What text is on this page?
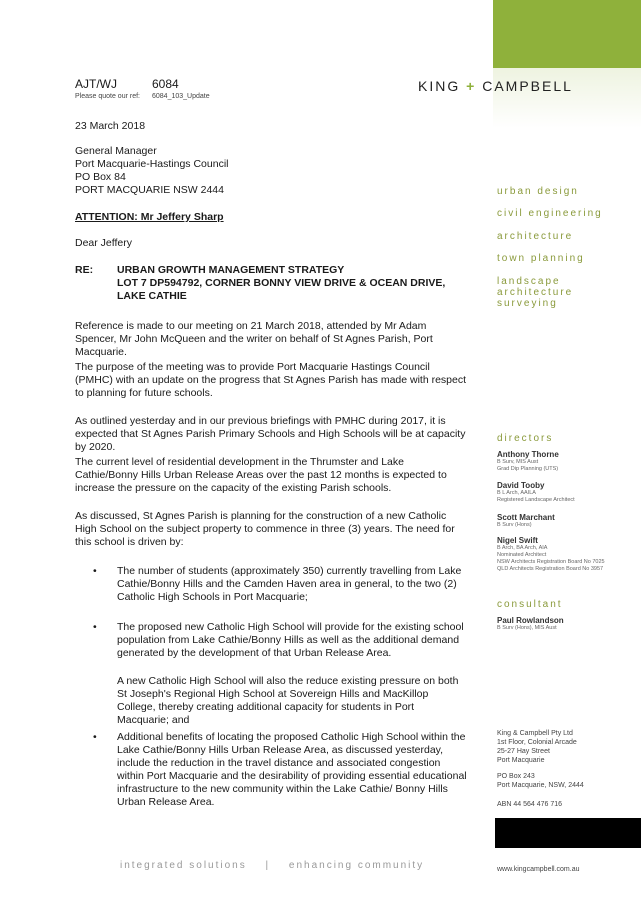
AJT/WJ	6084
Please quote our ref: 6084_103_Update
KING + CAMPBELL
23 March 2018
General Manager
Port Macquarie-Hastings Council
PO Box 84
PORT MACQUARIE NSW 2444
ATTENTION: Mr Jeffery Sharp
Dear Jeffery
RE: URBAN GROWTH MANAGEMENT STRATEGY
LOT 7 DP594792, CORNER BONNY VIEW DRIVE & OCEAN DRIVE,
LAKE CATHIE
Reference is made to our meeting on 21 March 2018, attended by Mr Adam Spencer, Mr John McQueen and the writer on behalf of St Agnes Parish, Port Macquarie.
The purpose of the meeting was to provide Port Macquarie Hastings Council (PMHC) with an update on the progress that St Agnes Parish has made with respect to planning for future schools.
As outlined yesterday and in our previous briefings with PMHC during 2017, it is expected that St Agnes Parish Primary Schools and High Schools will be at capacity by 2020.
The current level of residential development in the Thrumster and Lake Cathie/Bonny Hills Urban Release Areas over the past 12 months is expected to increase the pressure on the capacity of the existing Parish schools.
As discussed, St Agnes Parish is planning for the construction of a new Catholic High School on the subject property to commence in three (3) years. The need for this school is driven by:
• The number of students (approximately 350) currently travelling from Lake Cathie/Bonny Hills and the Camden Haven area in general, to the two (2) Catholic High Schools in Port Macquarie;
• The proposed new Catholic High School will provide for the existing school population from Lake Cathie/Bonny Hills as well as the additional demand generated by the development of that Urban Release Area.
A new Catholic High School will also the reduce existing pressure on both St Joseph's Regional High School at Sovereign Hills and MacKillop College, thereby creating additional capacity for students in Port Macquarie; and
• Additional benefits of locating the proposed Catholic High School within the Lake Cathie/Bonny Hills Urban Release Area, as discussed yesterday, include the reduction in the travel distance and associated congestion within Port Macquarie and the desirability of providing essential educational infrastructure to the new community within the Lake Cathie/ Bonny Hills Urban Release Area.
urban design
civil engineering
architecture
town planning
landscape architecture
surveying
directors
Anthony Thorne
B Surv, MIS Aust
Grad Dip Planning (UTS)
David Tooby
B L Arch, AAILA
Registered Landscape Architect
Scott Marchant
B Surv (Hons)
Nigel Swift
B Arch, BA Arch, AIA
Nominated Architect
NSW Architects Registration Board No 7025
QLD Architects Registration Board No 3957
consultant
Paul Rowlandson
B Surv (Hons), MIS Aust
King & Campbell Pty Ltd
1st Floor, Colonial Arcade
25-27 Hay Street
Port Macquarie
PO Box 243
Port Macquarie, NSW, 2444
ABN 44 564 476 716
www.kingcampbell.com.au
integrated solutions | enhancing community
